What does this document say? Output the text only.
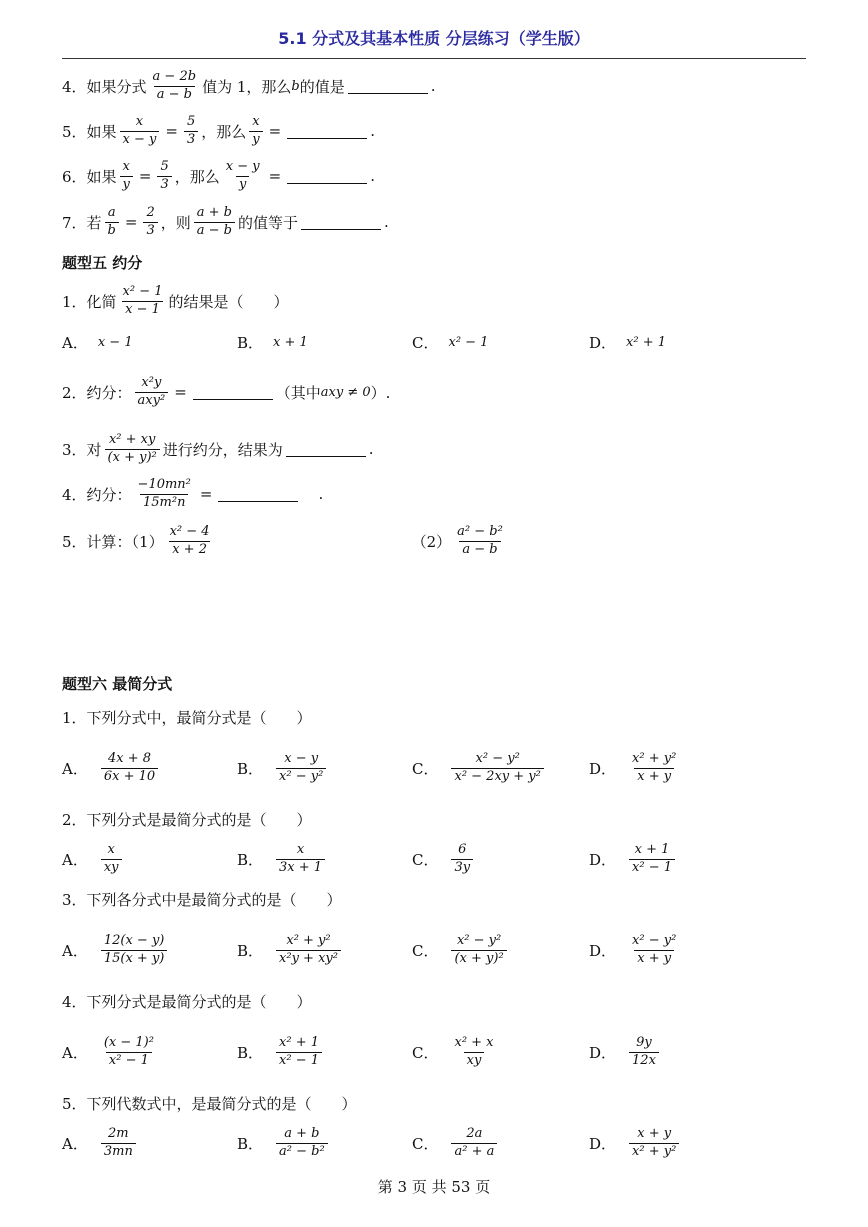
5.1 分式及其基本性质 分层练习（学生版）
4．如果分式 $\frac{a - 2b}{a - b}$ 值为 1，那么 b 的值是	.
5．如果 $\frac{x}{x - y} = \frac{5}{3}$ ，那么 $\frac{x}{y}$ =	.
6．如果 $\frac{x}{y} = \frac{5}{3}$ ，那么 $\frac{x - y}{y}$ =	.
7．若 $\frac{a}{b} = \frac{2}{3}$ ，则 $\frac{a + b}{a - b}$ 的值等于	.
题型五 约分
1．化简 $\frac{\text{x² − 1}}{x - 1}$ 的结果是（　　）
A． x − 1	B． x + 1	C． x² − 1	D． x² + 1
2．约分： $\frac{\text{x²y}}{\text{axy²}}$ =	（其中 axy ≠ 0 ）.
3．对 $\frac{\text{x² + xy}}{\text{(x + y)²}}$ 进行约分，结果为	.
4．约分： $\frac{\text{−10mn²}}{\text{15m²n}}$ =	.
5．计算：$(1) \frac{\text{x² − 4}}{x + 2}$	$(2) \frac{\text{a² − b²}}{a - b}$
题型六 最简分式
1．下列分式中，最简分式是（　　）
A． $\frac{4x + 8}{6x + 10}$	B． $\frac{x - y}{\text{x² − y²}}$	C． $\frac{\text{x² − y²}}{\text{x² − 2xy + y²}}$	D． $\frac{\text{x² + y²}}{x + y}$
2．下列分式是最简分式的是（　　）
A． $\frac{x}{xy}$	B． $\frac{x}{3x + 1}$	C． $\frac{6}{3y}$	D． $\frac{x + 1}{\text{x² − 1}}$
3．下列各分式中是最简分式的是（　　）
A． $\frac{12(x - y)}{15(x + y)}$	B． $\frac{\text{x² + y²}}{\text{x²y + xy²}}$	C． $\frac{\text{x² − y²}}{\text{(x + y)²}}$	D． $\frac{\text{x² − y²}}{x + y}$
4．下列分式是最简分式的是（　　）
A． $\frac{\text{(x − 1)²}}{\text{x² − 1}}$	B． $\frac{\text{x² + 1}}{\text{x² − 1}}$	C． $\frac{\text{x² + x}}{xy}$	D． $\frac{9y}{12x}$
5．下列代数式中，是最简分式的是（　　）
A． $\frac{2m}{3mn}$	B． $\frac{a + b}{\text{a² − b²}}$	C． $\frac{2a}{\text{a² + a}}$	D． $\frac{x + y}{\text{x² + y²}}$
第 3 页 共 53 页
